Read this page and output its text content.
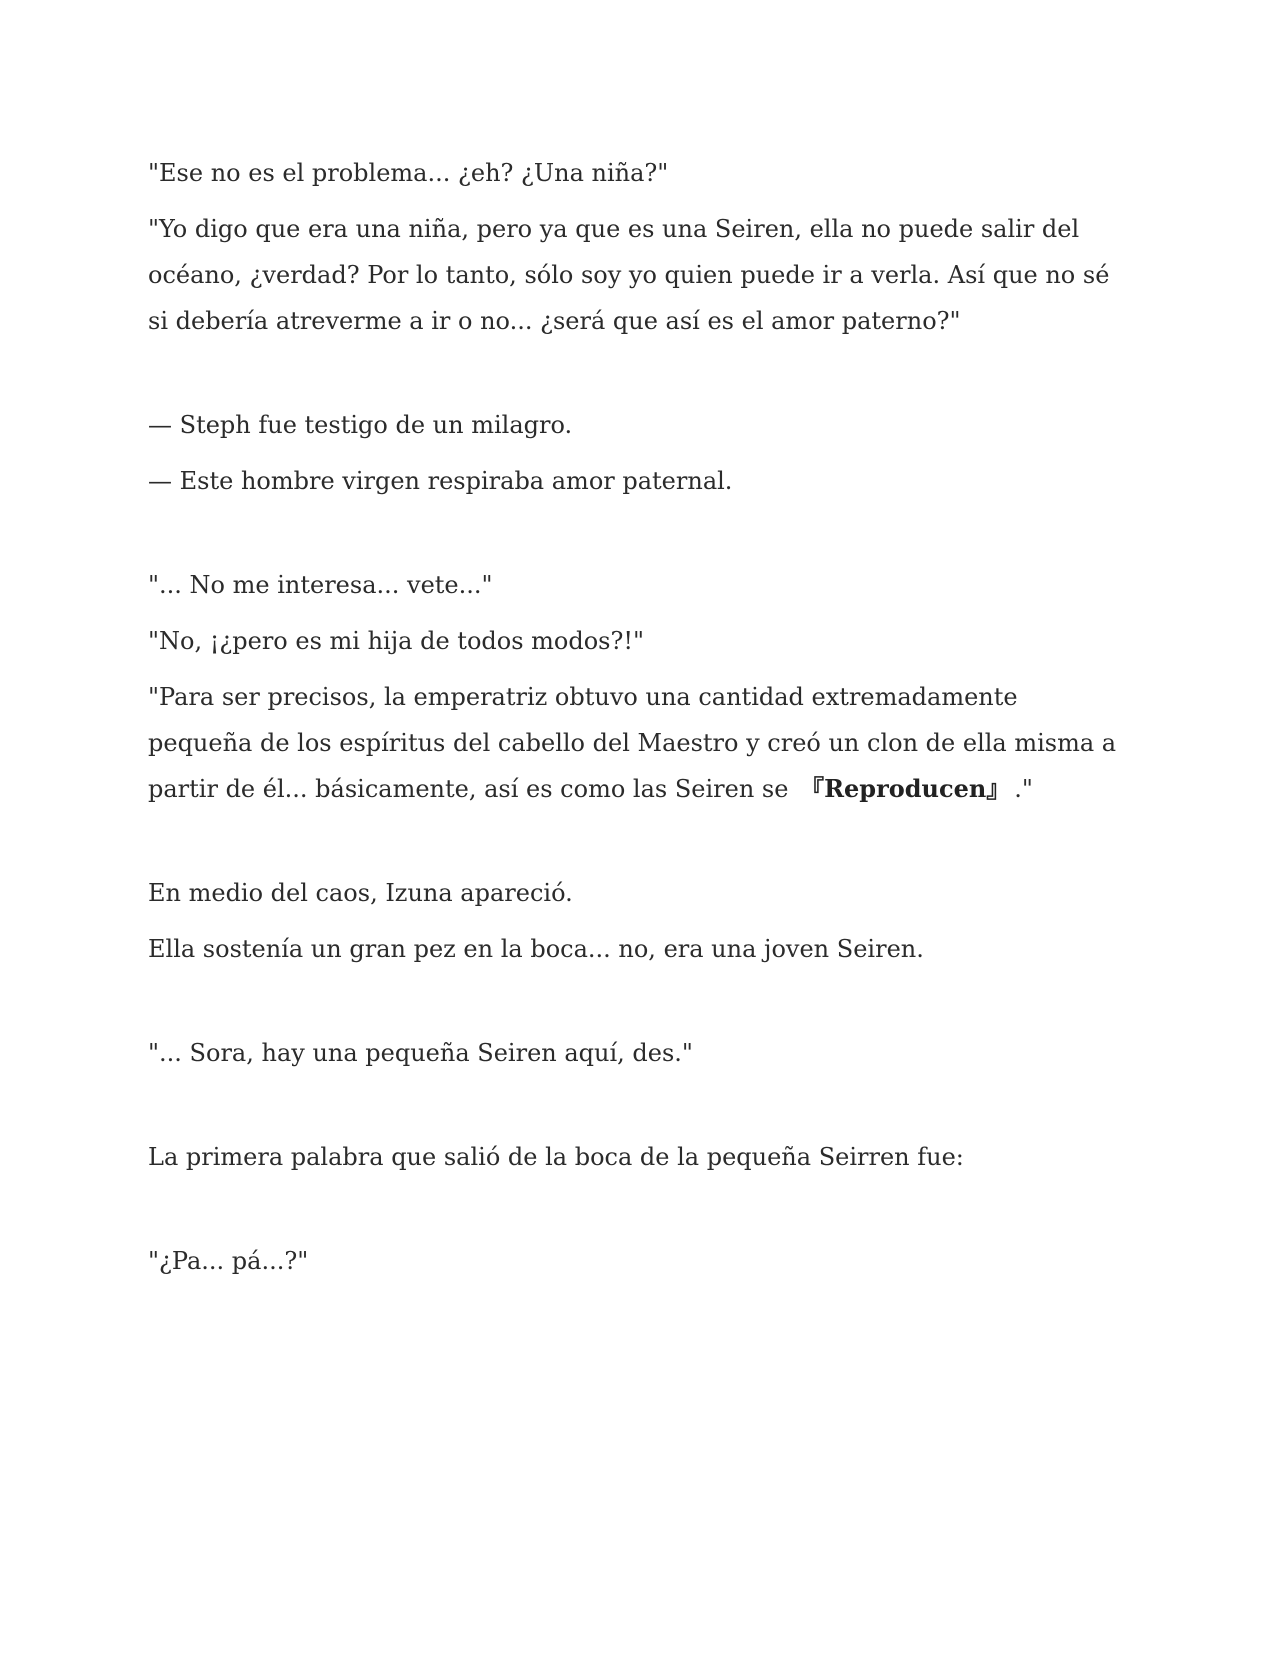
"Ese no es el problema... ¿eh? ¿Una niña?"

"Yo digo que era una niña, pero ya que es una Seiren, ella no puede salir del océano, ¿verdad? Por lo tanto, sólo soy yo quien puede ir a verla. Así que no sé si debería atreverme a ir o no... ¿será que así es el amor paterno?"

— Steph fue testigo de un milagro.

— Este hombre virgen respiraba amor paternal.

"... No me interesa... vete..."

"No, ¡¿pero es mi hija de todos modos?!"

"Para ser precisos, la emperatriz obtuvo una cantidad extremadamente pequeña de los espíritus del cabello del Maestro y creó un clon de ella misma a partir de él... básicamente, así es como las Seiren se 『Reproducen』 ."

En medio del caos, Izuna apareció.

Ella sostenía un gran pez en la boca... no, era una joven Seiren.

"... Sora, hay una pequeña Seiren aquí, des."

La primera palabra que salió de la boca de la pequeña Seirren fue:

"¿Pa... pá...?"
